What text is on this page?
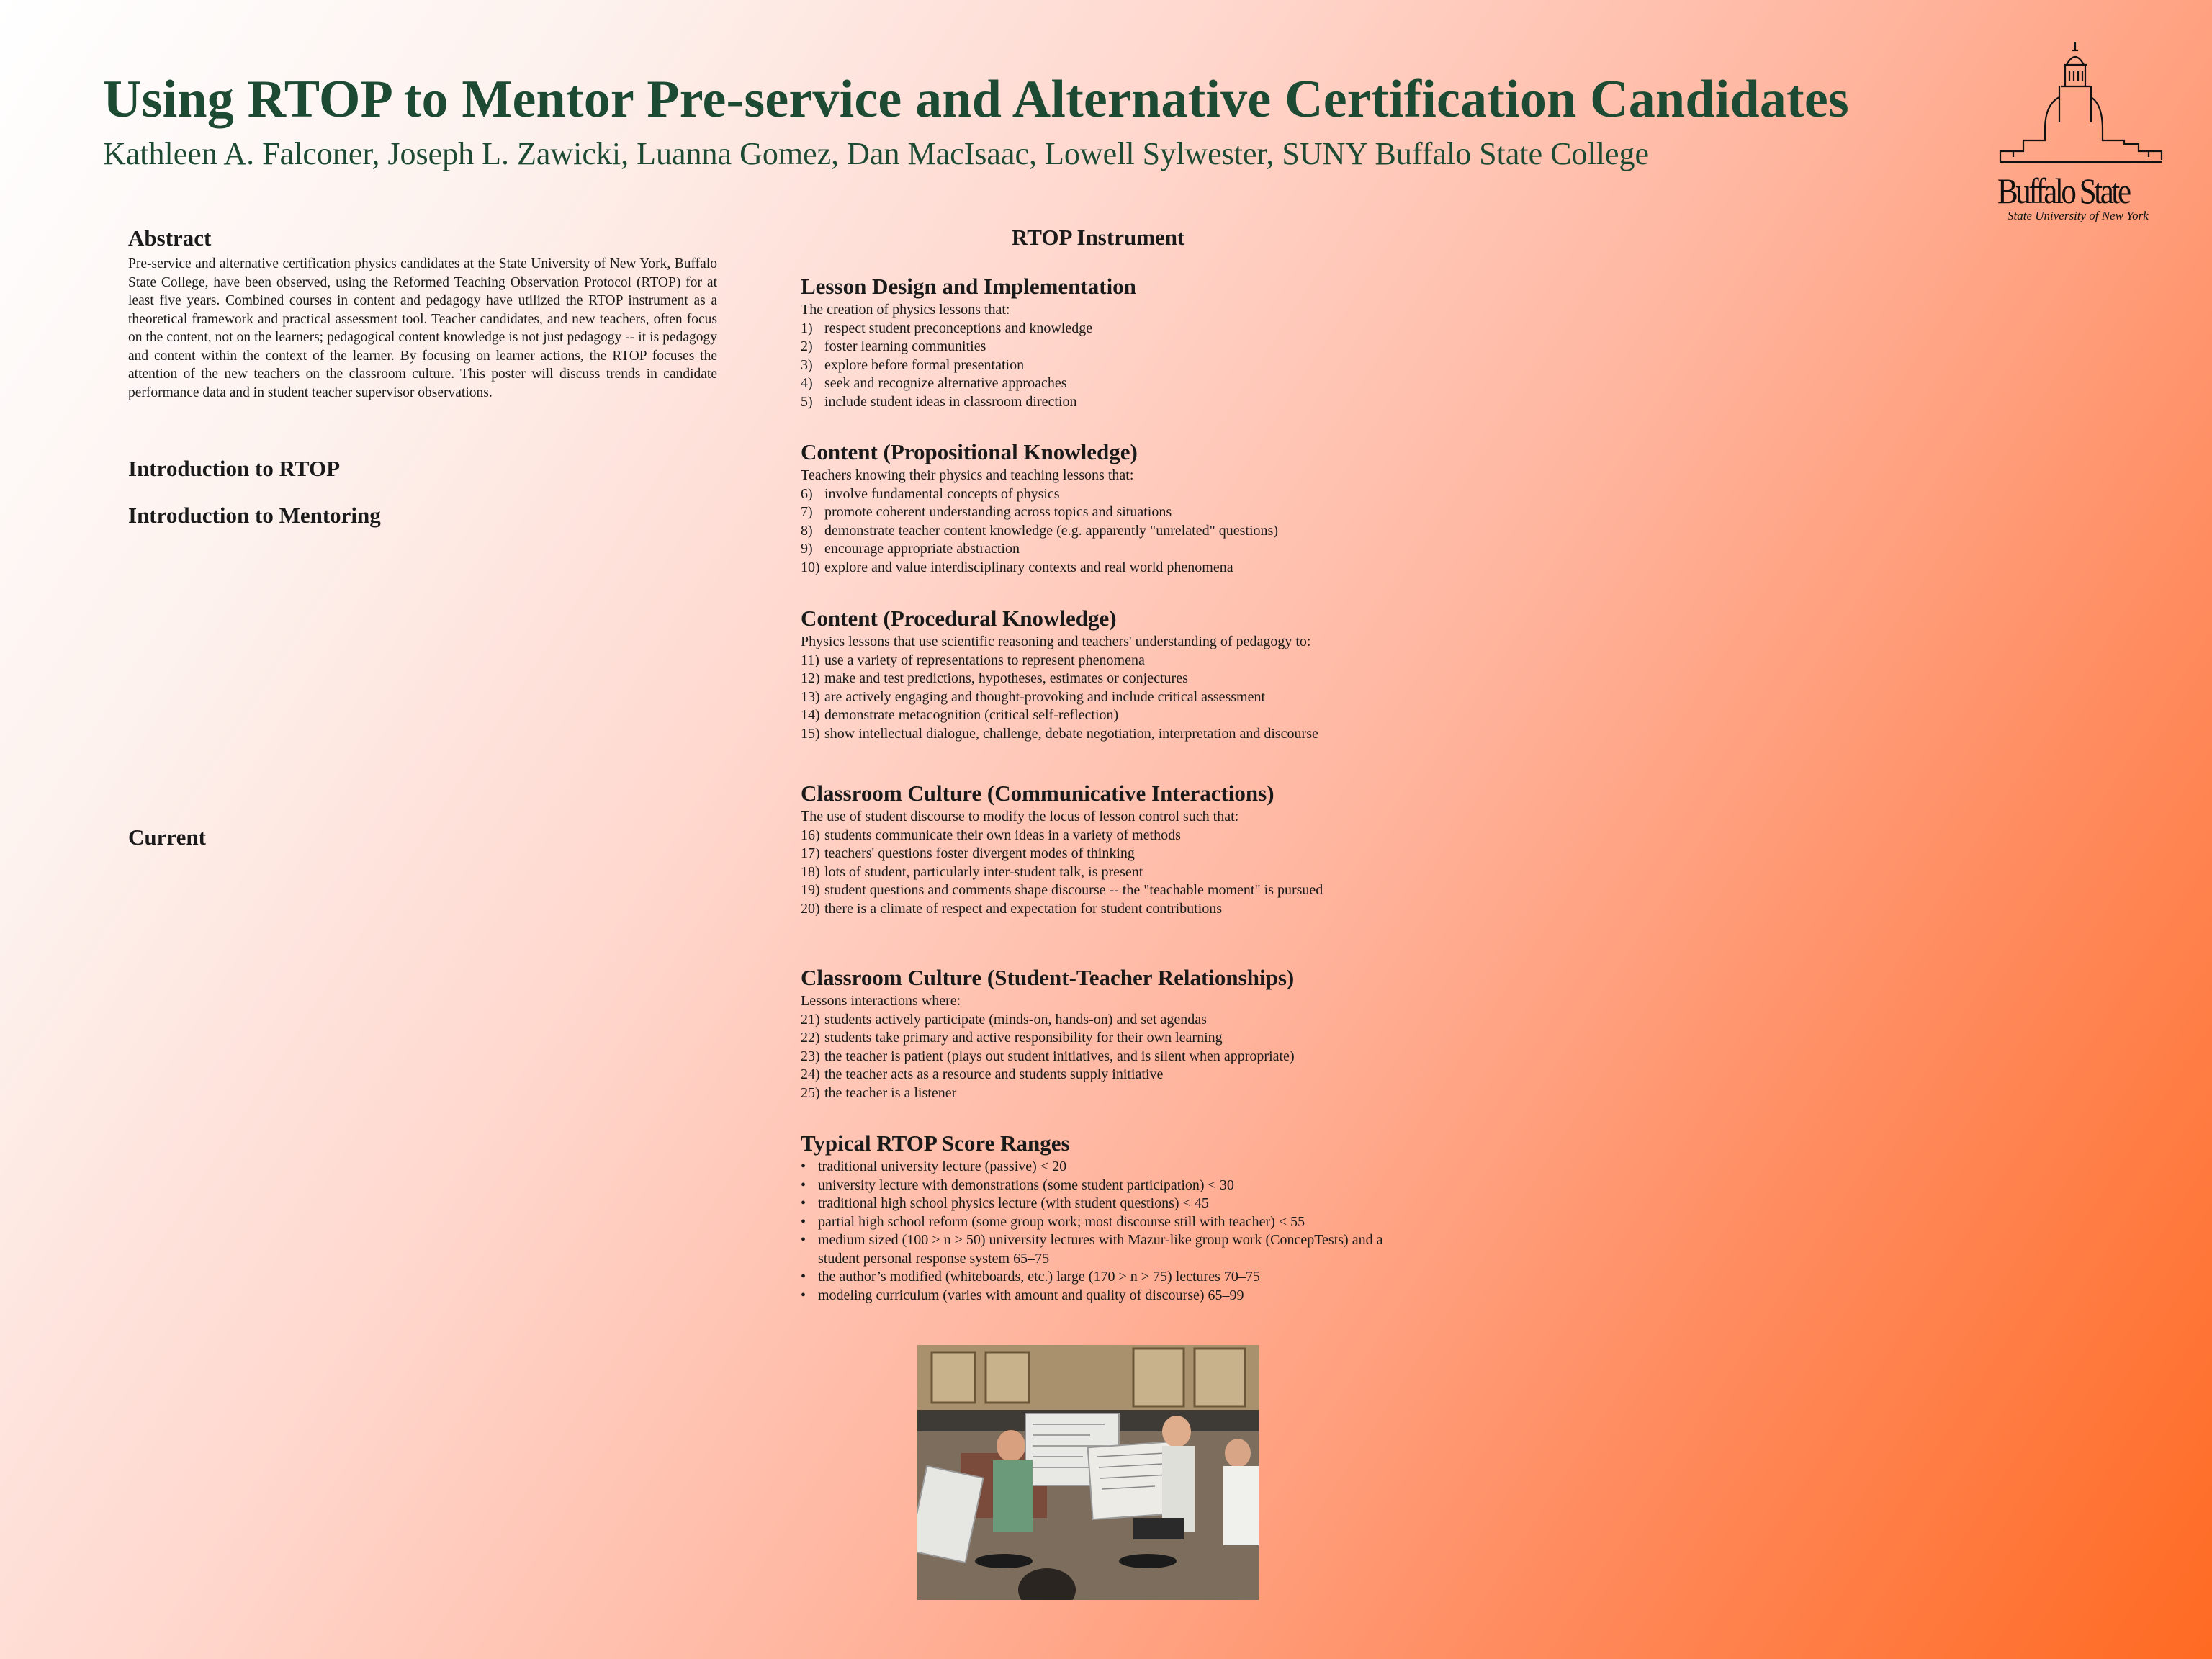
Using RTOP to Mentor Pre-service and Alternative Certification Candidates
Kathleen A. Falconer, Joseph L. Zawicki, Luanna Gomez, Dan MacIsaac, Lowell Sylwester, SUNY Buffalo State College
Buffalo State
State University of New York
Abstract

Pre-service and alternative certification physics candidates at the State University of New York, Buffalo State College, have been observed, using the Reformed Teaching Observation Protocol (RTOP) for at least five years. Combined courses in content and pedagogy have utilized the RTOP instrument as a theoretical framework and practical assessment tool. Teacher candidates, and new teachers, often focus on the content, not on the learners; pedagogical content knowledge is not just pedagogy -- it is pedagogy and content within the context of the learner. By focusing on learner actions, the RTOP focuses the attention of the new teachers on the classroom culture. This poster will discuss trends in candidate performance data and in student teacher supervisor observations.

Introduction to RTOP
Introduction to Mentoring
Current
RTOP Instrument
Lesson Design and Implementation
The creation of physics lessons that:
1) respect student preconceptions and knowledge
2) foster learning communities
3) explore before formal presentation
4) seek and recognize alternative approaches
5) include student ideas in classroom direction
Content (Propositional Knowledge)
Teachers knowing their physics and teaching lessons that:
6) involve fundamental concepts of physics
7) promote coherent understanding across topics and situations
8) demonstrate teacher content knowledge (e.g. apparently "unrelated" questions)
9) encourage appropriate abstraction
10) explore and value interdisciplinary contexts and real world phenomena
Content (Procedural Knowledge)
Physics lessons that use scientific reasoning and teachers' understanding of pedagogy to:
11) use a variety of representations to represent phenomena
12) make and test predictions, hypotheses, estimates or conjectures
13) are actively engaging and thought-provoking and include critical assessment
14) demonstrate metacognition (critical self-reflection)
15) show intellectual dialogue, challenge, debate negotiation, interpretation and discourse
Classroom Culture (Communicative Interactions)
The use of student discourse to modify the locus of lesson control such that:
16) students communicate their own ideas in a variety of methods
17) teachers' questions foster divergent modes of thinking
18) lots of student, particularly inter-student talk, is present
19) student questions and comments shape discourse -- the "teachable moment" is pursued
20) there is a climate of respect and expectation for student contributions
Classroom Culture (Student-Teacher Relationships)
Lessons interactions where:
21) students actively participate (minds-on, hands-on) and set agendas
22) students take primary and active responsibility for their own learning
23) the teacher is patient (plays out student initiatives, and is silent when appropriate)
24) the teacher acts as a resource and students supply initiative
25) the teacher is a listener
Typical RTOP Score Ranges
• traditional university lecture (passive) < 20
• university lecture with demonstrations (some student participation) < 30
• traditional high school physics lecture (with student questions) < 45
• partial high school reform (some group work; most discourse still with teacher) < 55
• medium sized (100 > n > 50) university lectures with Mazur-like group work (ConcepTests) and a student personal response system 65–75
• the author’s modified (whiteboards, etc.) large (170 > n > 75) lectures 70–75
• modeling curriculum (varies with amount and quality of discourse) 65–99
